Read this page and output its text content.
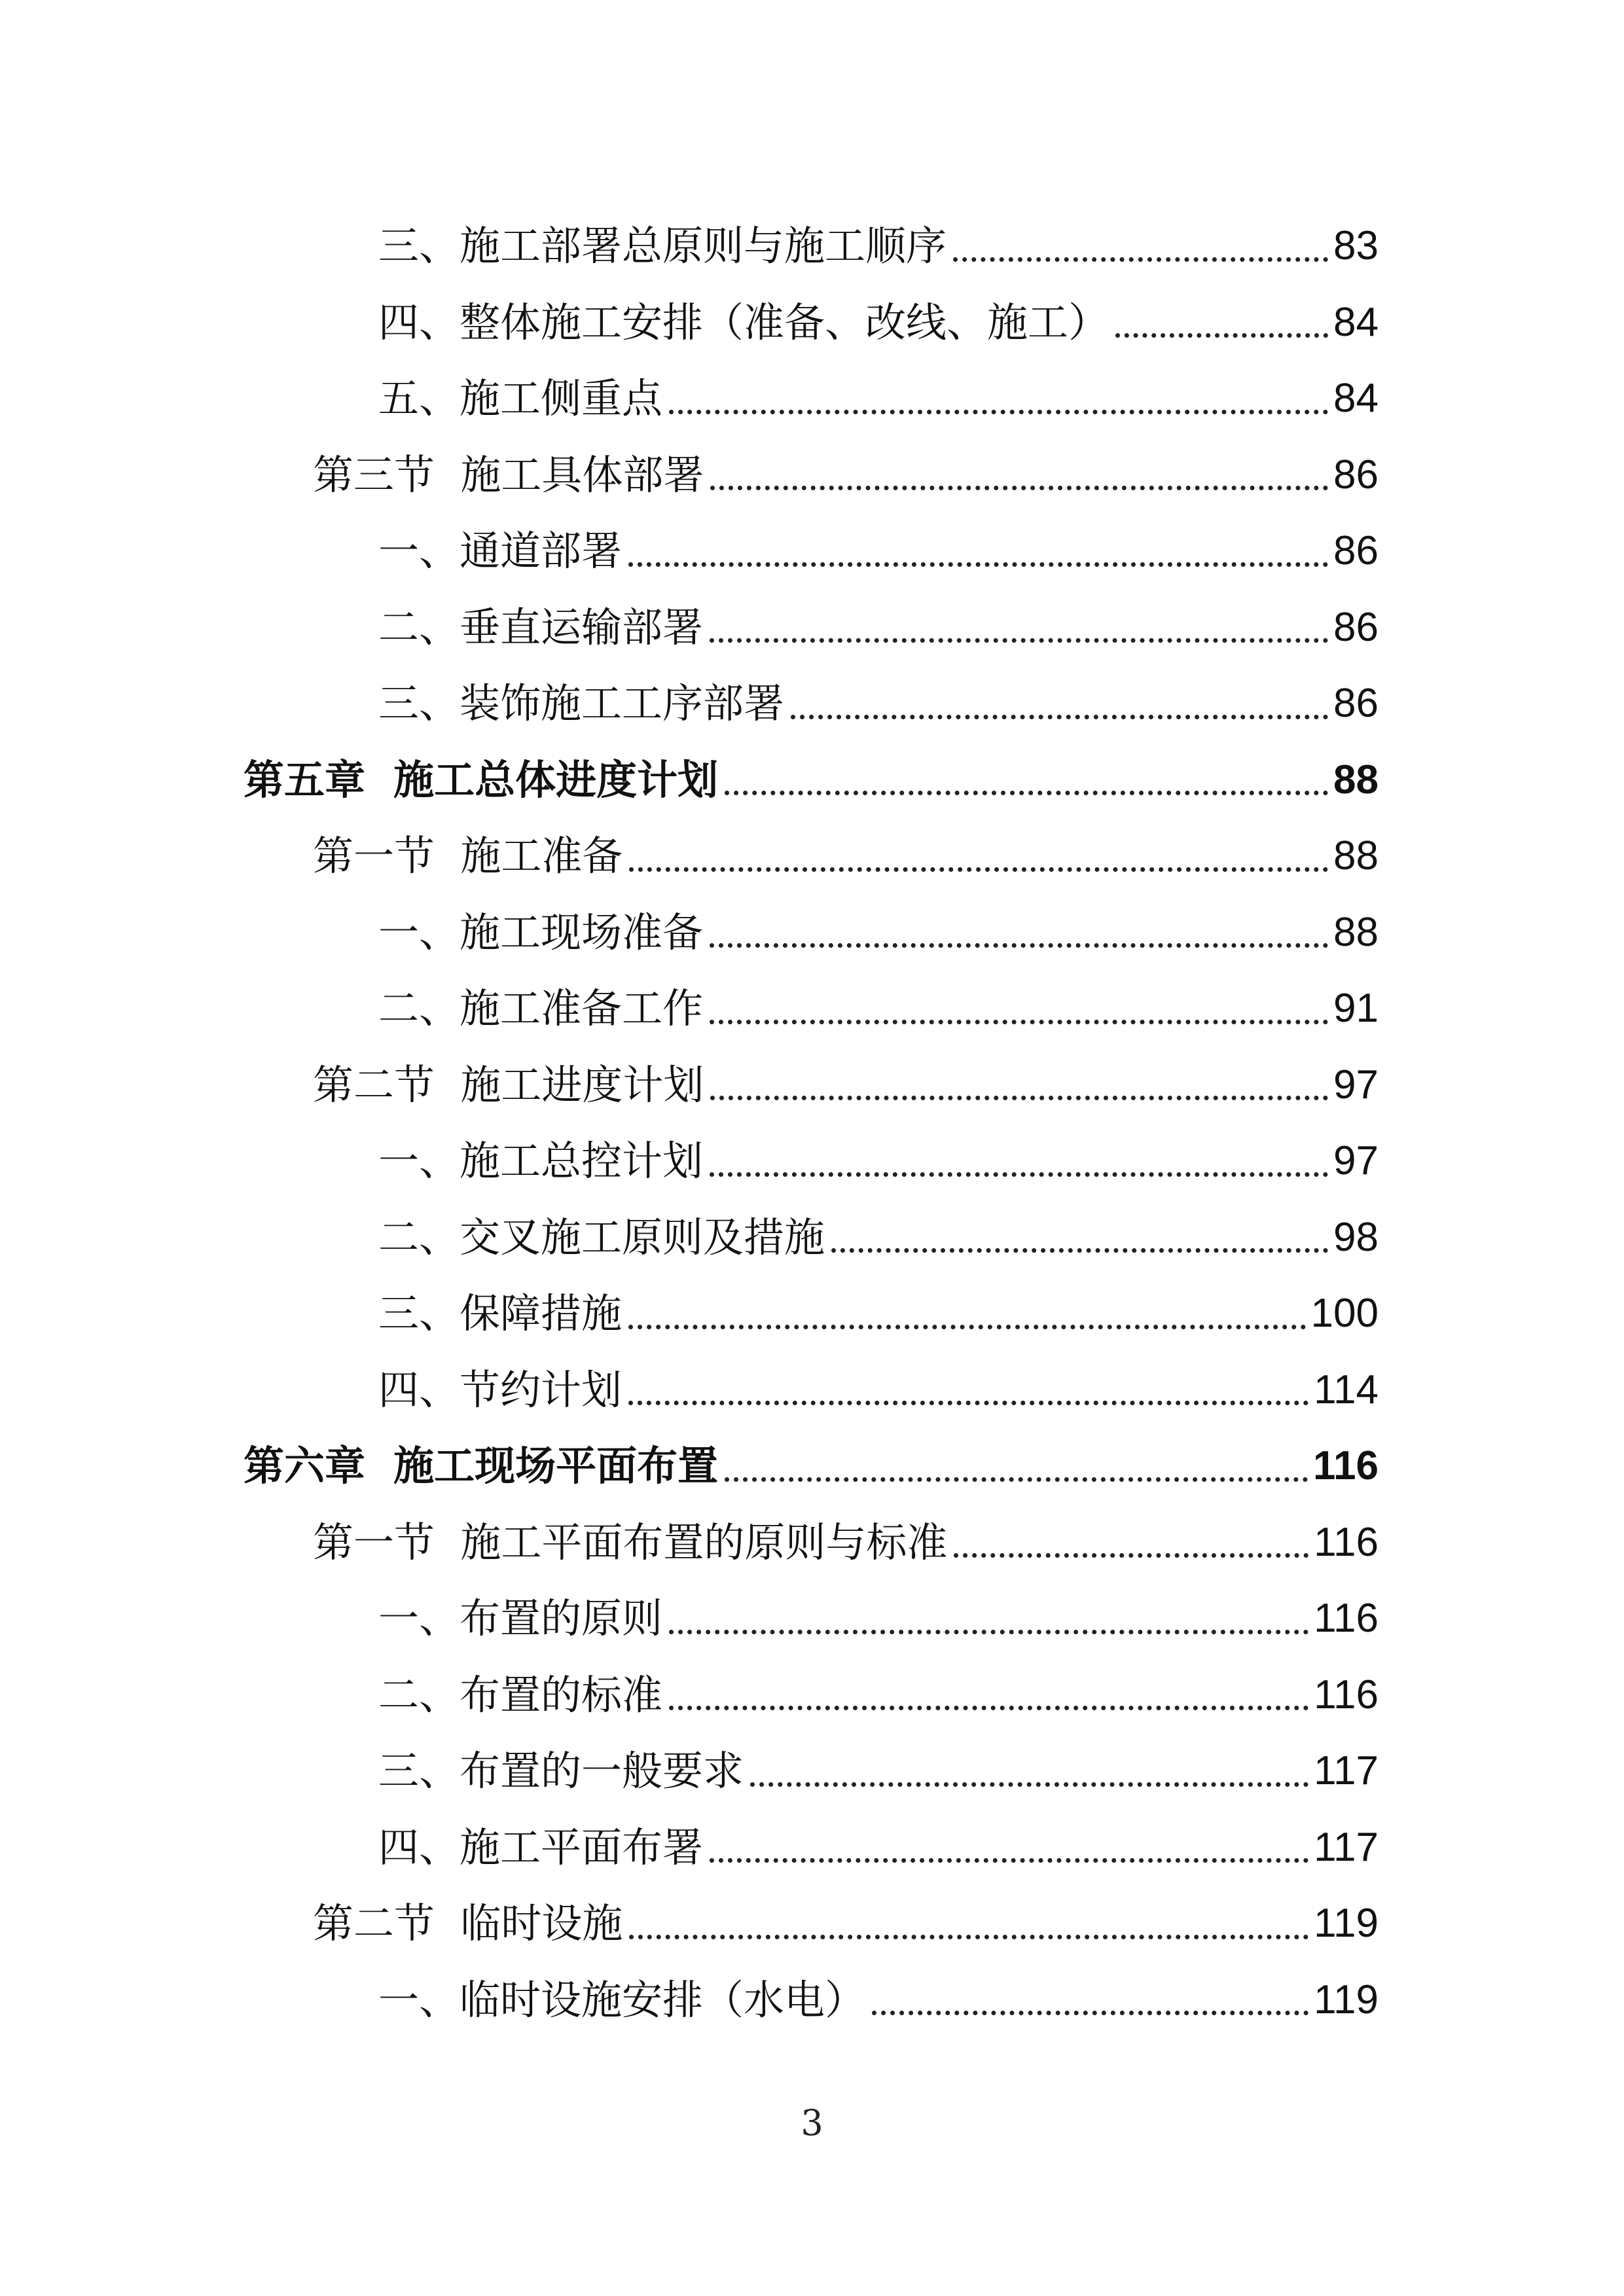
三、施工部署总原则与施工顺序	83
四、整体施工安排（准备、改线、施工）	84
五、施工侧重点	84
第三节  施工具体部署	86
一、通道部署	86
二、垂直运输部署	86
三、装饰施工工序部署	86
第五章  施工总体进度计划	88
第一节  施工准备	88
一、施工现场准备	88
二、施工准备工作	91
第二节  施工进度计划	97
一、施工总控计划	97
二、交叉施工原则及措施	98
三、保障措施	100
四、节约计划	114
第六章  施工现场平面布置	116
第一节  施工平面布置的原则与标准	116
一、布置的原则	116
二、布置的标准	116
三、布置的一般要求	117
四、施工平面布署	117
第二节  临时设施	119
一、临时设施安排（水电）	119
3
